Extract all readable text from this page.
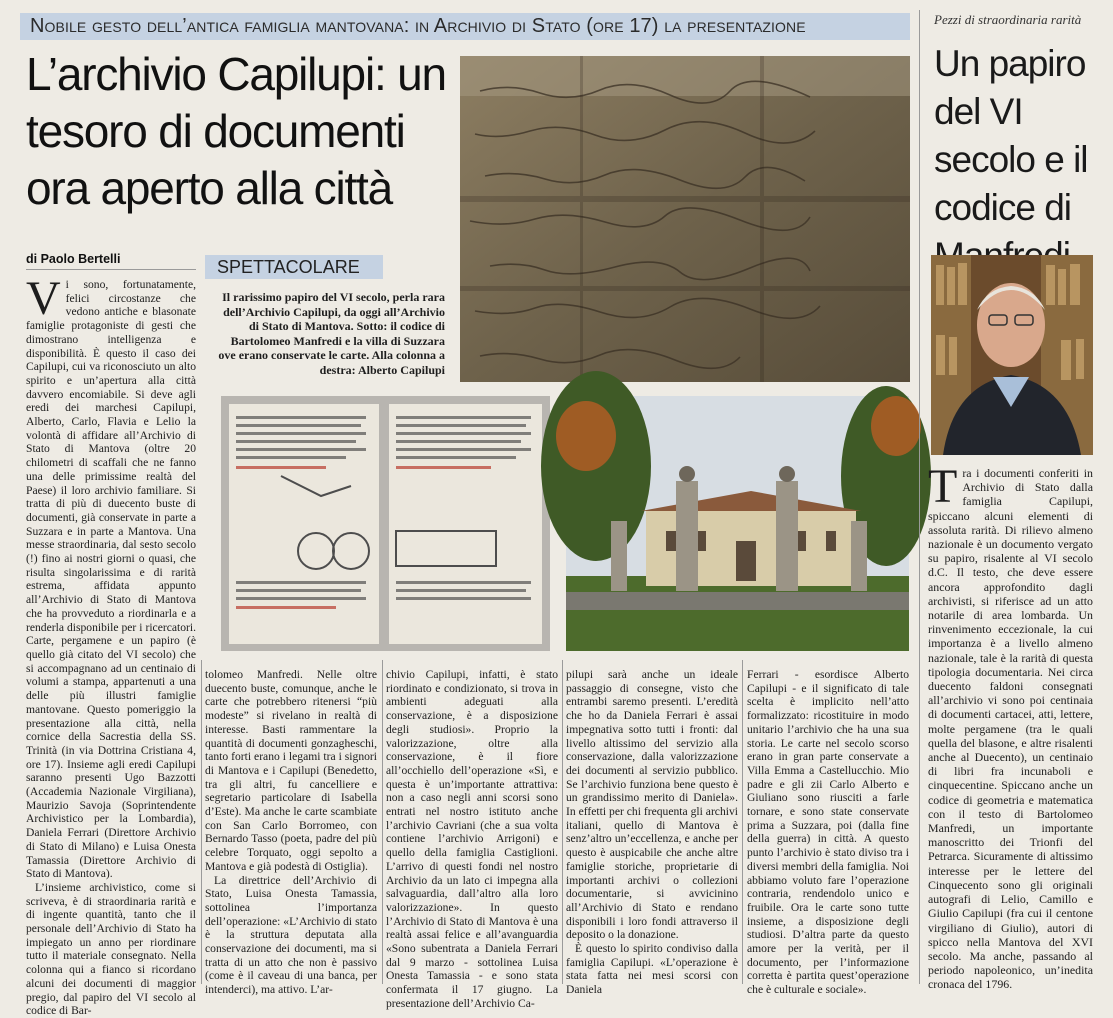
Nobile gesto dell’antica famiglia mantovana: in Archivio di Stato (ore 17) la presentazione
L’archivio Capilupi: un tesoro di documenti ora aperto alla città
di Paolo Bertelli

Vi sono, fortunatamente, felici circostanze che vedono antiche e blasonate famiglie protagoniste di gesti che dimostrano intelligenza e disponibilità. È questo il caso dei Capilupi, cui va riconosciuto un alto spirito e un’apertura alla città davvero encomiabile. Si deve agli eredi dei marchesi Capilupi, Alberto, Carlo, Flavia e Lelio la volontà di affidare all’Archivio di Stato di Mantova (oltre 20 chilometri di scaffali che ne fanno una delle primissime realtà del Paese) il loro archivio familiare. Si tratta di più di duecento buste di documenti, già conservate in parte a Suzzara e in parte a Mantova. Una messe straordinaria, dal sesto secolo (!) fino ai nostri giorni o quasi, che risulta singolarissima e di rarità estrema, affidata appunto all’Archivio di Stato di Mantova che ha provveduto a riordinarla e a renderla disponibile per i ricercatori. Carte, pergamene e un papiro (è quello già citato del VI secolo) che si accompagnano ad un centinaio di volumi a stampa, appartenuti a una delle più illustri famiglie mantovane. Questo pomeriggio la presentazione alla città, nella cornice della Sacrestia della SS. Trinità (in via Dottrina Cristiana 4, ore 17). Insieme agli eredi Capilupi saranno presenti Ugo Bazzotti (Accademia Nazionale Virgiliana), Maurizio Savoja (Soprintendente Archivistico per la Lombardia), Daniela Ferrari (Direttore Archivio di Stato di Milano) e Luisa Onesta Tamassia (Direttore Archivio di Stato di Mantova).

L’insieme archivistico, come si scriveva, è di straordinaria rarità e di ingente quantità, tanto che il personale dell’Archivio di Stato ha impiegato un anno per riordinare tutto il materiale consegnato. Nella colonna qui a fianco si ricordano alcuni dei documenti di maggior pregio, dal papiro del VI secolo al codice di Bar-

SPETTACOLARE
Il rarissimo papiro del VI secolo, perla rara dell’Archivio Capilupi, da oggi all’Archivio di Stato di Mantova. Sotto: il codice di Bartolomeo Manfredi e la villa di Suzzara ove erano conservate le carte. Alla colonna a destra: Alberto Capilupi
Pezzi di straordinaria rarità
Un papiro del VI secolo e il codice di

tolomeo Manfredi. Nelle oltre duecento buste, comunque, anche le carte che potrebbero ritenersi “più modeste” si rivelano in realtà di interesse. Basti rammentare la quantità di documenti gonzagheschi, tanto forti erano i legami tra i signori di Mantova e i Capilupi (Benedetto, tra gli altri, fu cancelliere e segretario particolare di Isabella d’Este). Ma anche le carte scambiate con San Carlo Borromeo, con Bernardo Tasso (poeta, padre del più celebre Torquato, oggi sepolto a Mantova e già podestà di Ostiglia).

La direttrice dell’Archivio di Stato, Luisa Onesta Tamassia, sottolinea l’importanza dell’operazione: «L’Archivio di stato è la struttura deputata alla conservazione dei documenti, ma si tratta di un atto che non è passivo (come è il caveau di una banca, per intenderci), ma attivo. L’ar-

chivio Capilupi, infatti, è stato riordinato e condizionato, si trova in ambienti adeguati alla conservazione, è a disposizione degli studiosi». Proprio la valorizzazione, oltre alla conservazione, è il fiore all’occhiello dell’operazione «Sì, e questa è un’importante attrattiva: non a caso negli anni scorsi sono entrati nel nostro istituto anche l’archivio Cavriani (che a sua volta contiene l’archivio Arrigoni) e quello della famiglia Castiglioni. L’arrivo di questi fondi nel nostro Archivio da un lato ci impegna alla salvaguardia, dall’altro alla loro valorizzazione». In questo l’Archivio di Stato di Mantova è una realtà assai felice e all’avanguardia «Sono subentrata a Daniela Ferrari dal 9 marzo - sottolinea Luisa Onesta Tamassia - e sono stata confermata il 17 giugno. La presentazione dell’Archivio Ca-

pilupi sarà anche un ideale passaggio di consegne, visto che entrambi saremo presenti. L’eredità che ho da Daniela Ferrari è assai impegnativa sotto tutti i fronti: dal livello altissimo del servizio alla conservazione, dalla valorizzazione dei documenti al servizio pubblico. Se l’archivio funziona bene questo è un grandissimo merito di Daniela». In effetti per chi frequenta gli archivi italiani, quello di Mantova è senz’altro un’eccellenza, e anche per questo è auspicabile che anche altre famiglie storiche, proprietarie di importanti archivi o collezioni documentarie, si avvicinino all’Archivio di Stato e rendano disponibili i loro fondi attraverso il deposito o la donazione.

È questo lo spirito condiviso dalla famiglia Capilupi. «L’operazione è stata fatta nei mesi scorsi con Daniela

Ferrari - esordisce Alberto Capilupi - e il significato di tale scelta è implicito nell’atto formalizzato: ricostituire in modo unitario l’archivio che ha una sua storia. Le carte nel secolo scorso erano in gran parte conservate a Villa Emma a Castellucchio. Mio padre e gli zii Carlo Alberto e Giuliano sono riusciti a farle tornare, e sono state conservate prima a Suzzara, poi (dalla fine della guerra) in città. A questo punto l’archivio è stato diviso tra i diversi membri della famiglia. Noi abbiamo voluto fare l’operazione contraria, rendendolo unico e fruibile. Ora le carte sono tutte insieme, a disposizione degli studiosi. D’altra parte da questo amore per la verità, per il documento, per l’informazione corretta è partita quest’operazione che è culturale e sociale».

Tra i documenti conferiti in Archivio di Stato dalla famiglia Capilupi, spiccano alcuni elementi di assoluta rarità. Di rilievo almeno nazionale è un documento vergato su papiro, risalente al VI secolo d.C. Il testo, che deve essere ancora approfondito dagli archivisti, si riferisce ad un atto notarile di area lombarda. Un rinvenimento eccezionale, la cui importanza è a livello almeno nazionale, tale è la rarità di questa tipologia documentaria. Nei circa duecento faldoni consegnati all’archivio vi sono poi centinaia di documenti cartacei, atti, lettere, molte pergamene (tra le quali quella del blasone, e altre risalenti anche al Duecento), un centinaio di libri fra incunaboli e cinquecentine. Spiccano anche un codice di geometria e matematica con il testo di Bartolomeo Manfredi, un importante manoscritto dei Trionfi del Petrarca. Sicuramente di altissimo interesse per le lettere del Cinquecento sono gli originali autografi di Lelio, Camillo e Giulio Capilupi (fra cui il centone virgiliano di Giulio), autori di spicco nella Mantova del XVI secolo. Ma anche, passando al periodo napoleonico, un’inedita cronaca del 1796.
